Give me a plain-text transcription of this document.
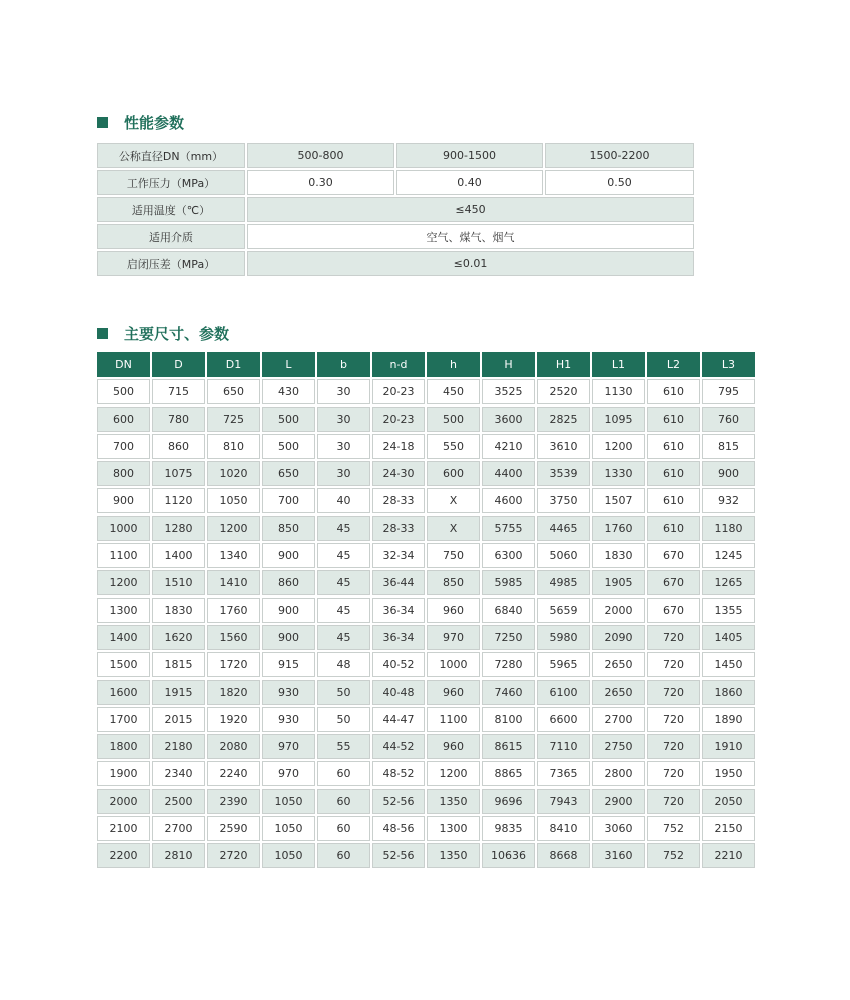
性能参数
公称直径DN（mm）	500-800	900-1500	1500-2200
工作压力（MPa）	0.30	0.40	0.50
适用温度（℃）	≤450
适用介质	空气、煤气、烟气
启闭压差（MPa）	≤0.01
主要尺寸、参数
DN	D	D1	L	b	n-d	h	H	H1	L1	L2	L3
500	715	650	430	30	20-23	450	3525	2520	1130	610	795
600	780	725	500	30	20-23	500	3600	2825	1095	610	760
700	860	810	500	30	24-18	550	4210	3610	1200	610	815
800	1075	1020	650	30	24-30	600	4400	3539	1330	610	900
900	1120	1050	700	40	28-33	X	4600	3750	1507	610	932
1000	1280	1200	850	45	28-33	X	5755	4465	1760	610	1180
1100	1400	1340	900	45	32-34	750	6300	5060	1830	670	1245
1200	1510	1410	860	45	36-44	850	5985	4985	1905	670	1265
1300	1830	1760	900	45	36-34	960	6840	5659	2000	670	1355
1400	1620	1560	900	45	36-34	970	7250	5980	2090	720	1405
1500	1815	1720	915	48	40-52	1000	7280	5965	2650	720	1450
1600	1915	1820	930	50	40-48	960	7460	6100	2650	720	1860
1700	2015	1920	930	50	44-47	1100	8100	6600	2700	720	1890
1800	2180	2080	970	55	44-52	960	8615	7110	2750	720	1910
1900	2340	2240	970	60	48-52	1200	8865	7365	2800	720	1950
2000	2500	2390	1050	60	52-56	1350	9696	7943	2900	720	2050
2100	2700	2590	1050	60	48-56	1300	9835	8410	3060	752	2150
2200	2810	2720	1050	60	52-56	1350	10636	8668	3160	752	2210
